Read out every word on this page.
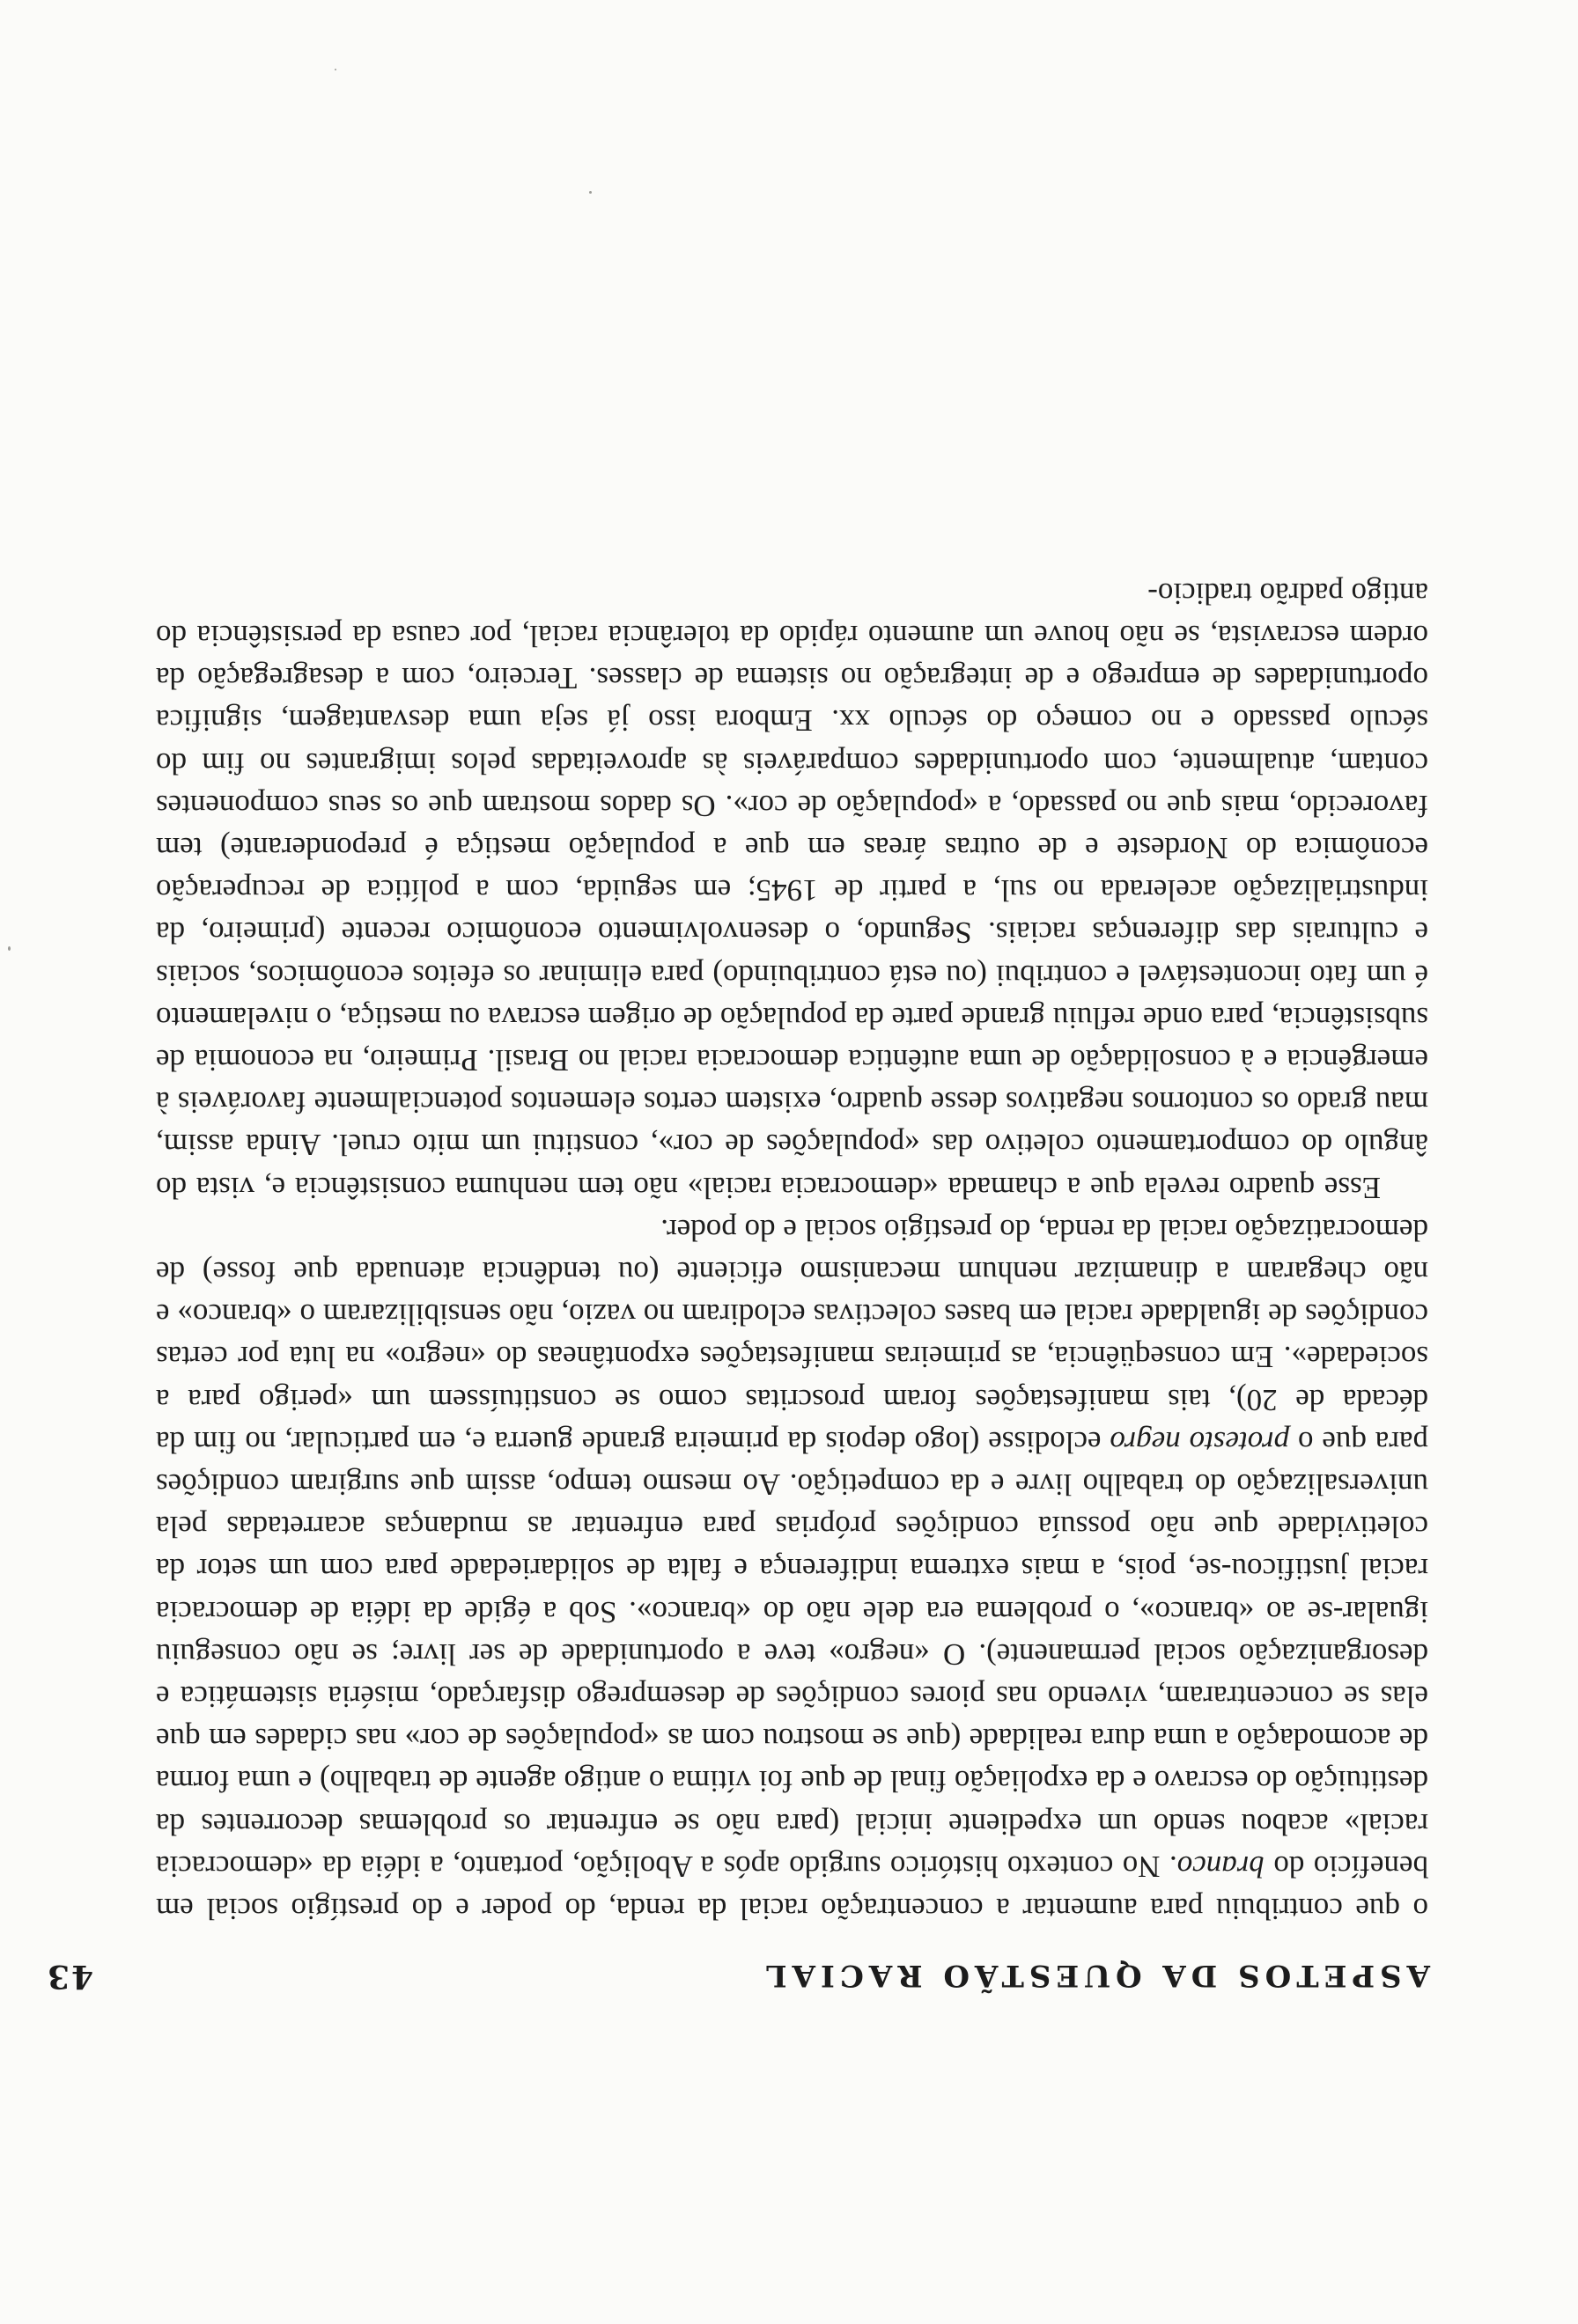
ASPETOS DA QUESTÃO RACIAL
43

o que contribuiu para aumentar a concentração racial da renda, do poder e do prestígio social em benefício do branco. No contexto histórico surgido após a Abolição, portanto, a idéia da «democracia racial» acabou sendo um expediente inicial (para não se enfrentar os problemas decorrentes da destituição do escravo e da expoliação final de que foi vítima o antigo agente de trabalho) e uma forma de acomodação a uma dura realidade (que se mostrou com as «populações de cor» nas cidades em que elas se concentraram, vivendo nas piores condições de desemprego disfarçado, miséria sistemática e desorganização social permanente). O «negro» teve a oportunidade de ser livre; se não conseguiu igualar-se ao «branco», o problema era dele não do «branco». Sob a égide da idéia de democracia racial justificou-se, pois, a mais extrema indiferença e falta de solidariedade para com um setor da coletividade que não possuía condições próprias para enfrentar as mudanças acarretadas pela universalização do trabalho livre e da competição. Ao mesmo tempo, assim que surgiram condições para que o protesto negro eclodisse (logo depois da primeira grande guerra e, em particular, no fim da década de 20), tais manifestações foram proscritas como se constituíssem um «perigo para a sociedade». Em conseqüência, as primeiras manifestações expontâneas do «negro» na luta por certas condições de igualdade racial em bases colectivas eclodiram no vazio, não sensibilizaram o «branco» e não chegaram a dinamizar nenhum mecanismo eficiente (ou tendência atenuada que fosse) de democratização racial da renda, do prestígio social e do poder.

Esse quadro revela que a chamada «democracia racial» não tem nenhuma consistência e, vista do ângulo do comportamento coletivo das «populações de cor», constitui um mito cruel. Ainda assim, mau grado os contornos negativos desse quadro, existem certos elementos potencialmente favoráveis à emergência e à consolidação de uma autêntica democracia racial no Brasil. Primeiro, na economia de subsistência, para onde refluiu grande parte da população de origem escrava ou mestiça, o nivelamento é um fato incontestável e contribui (ou está contribuindo) para eliminar os efeitos econômicos, sociais e culturais das diferenças raciais. Segundo, o desenvolvimento econômico recente (primeiro, da industrialização acelerada no sul, a partir de 1945; em seguida, com a política de recuperação econômica do Nordeste e de outras áreas em que a população mestiça é preponderante) tem favorecido, mais que no passado, a «população de cor». Os dados mostram que os seus componentes contam, atualmente, com oportunidades comparáveis às aproveitadas pelos imigrantes no fim do século passado e no começo do século xx. Embora isso já seja uma desvantagem, significa oportunidades de emprego e de integração no sistema de classes. Terceiro, com a desagregação da ordem escravista, se não houve um aumento rápido da tolerância racial, por causa da persistência do antigo padrão tradicio-
